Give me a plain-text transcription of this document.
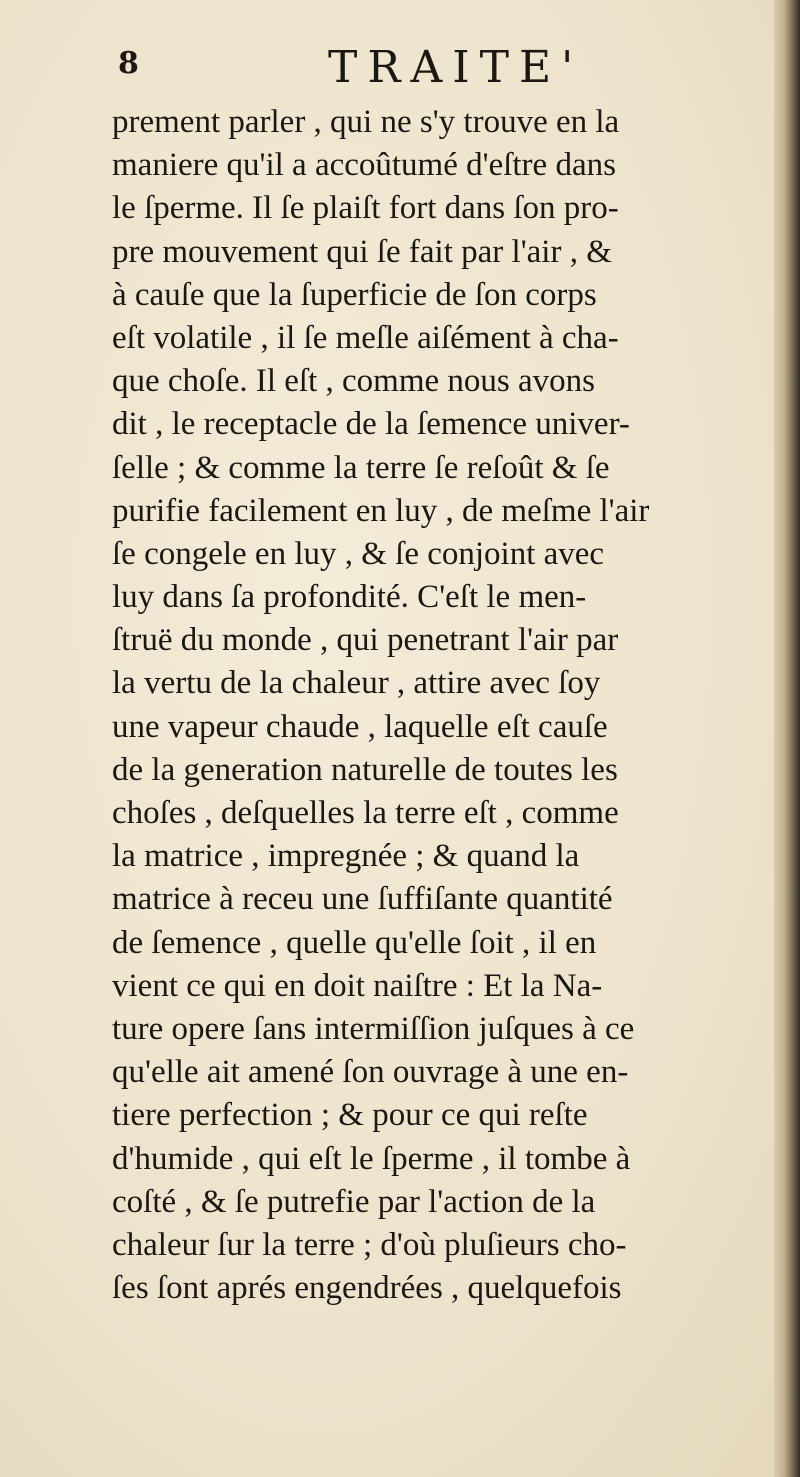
8	TRAITE'
prement parler , qui ne s'y trouve en la
maniere qu'il a accoûtumé d'eſtre dans
le ſperme. Il ſe plaiſt fort dans ſon pro-
pre mouvement qui ſe fait par l'air , &
à cauſe que la ſuperficie de ſon corps
eſt volatile , il ſe meſle aiſément à cha-
que choſe. Il eſt , comme nous avons
dit , le receptacle de la ſemence univer-
ſelle ; & comme la terre ſe reſoût & ſe
purifie facilement en luy , de meſme l'air
ſe congele en luy , & ſe conjoint avec
luy dans ſa profondité. C'eſt le men-
ſtruë du monde , qui penetrant l'air par
la vertu de la chaleur , attire avec ſoy
une vapeur chaude , laquelle eſt cauſe
de la generation naturelle de toutes les
choſes , deſquelles la terre eſt , comme
la matrice , impregnée ; & quand la
matrice à receu une ſuffiſante quantité
de ſemence , quelle qu'elle ſoit , il en
vient ce qui en doit naiſtre : Et la Na-
ture opere ſans intermiſſion juſques à ce
qu'elle ait amené ſon ouvrage à une en-
tiere perfection ; & pour ce qui reſte
d'humide , qui eſt le ſperme , il tombe à
coſté , & ſe putrefie par l'action de la
chaleur ſur la terre ; d'où pluſieurs cho-
ſes ſont aprés engendrées , quelquefois
